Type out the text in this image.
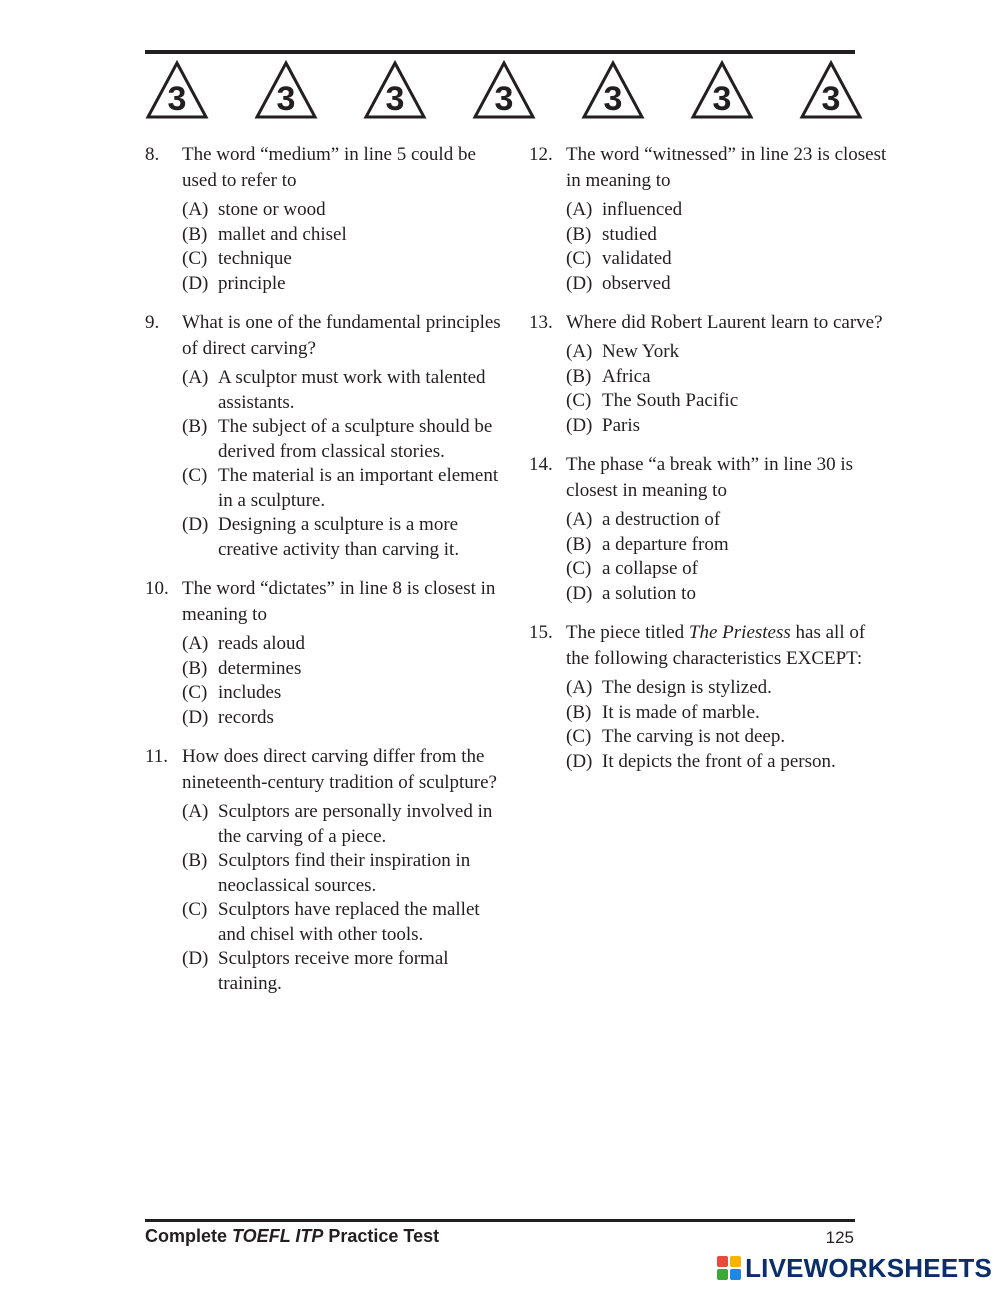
3	3	3	3	3	3	3
8. The word “medium” in line 5 could be used to refer to
(A) stone or wood
(B) mallet and chisel
(C) technique
(D) principle
9. What is one of the fundamental principles of direct carving?
(A) A sculptor must work with talented assistants.
(B) The subject of a sculpture should be derived from classical stories.
(C) The material is an important element in a sculpture.
(D) Designing a sculpture is a more creative activity than carving it.
10. The word “dictates” in line 8 is closest in meaning to
(A) reads aloud
(B) determines
(C) includes
(D) records
11. How does direct carving differ from the nineteenth-century tradition of sculpture?
(A) Sculptors are personally involved in the carving of a piece.
(B) Sculptors find their inspiration in neoclassical sources.
(C) Sculptors have replaced the mallet and chisel with other tools.
(D) Sculptors receive more formal training.
12. The word “witnessed” in line 23 is closest in meaning to
(A) influenced
(B) studied
(C) validated
(D) observed
13. Where did Robert Laurent learn to carve?
(A) New York
(B) Africa
(C) The South Pacific
(D) Paris
14. The phase “a break with” in line 30 is closest in meaning to
(A) a destruction of
(B) a departure from
(C) a collapse of
(D) a solution to
15. The piece titled The Priestess has all of the following characteristics EXCEPT:
(A) The design is stylized.
(B) It is made of marble.
(C) The carving is not deep.
(D) It depicts the front of a person.
Complete TOEFL ITP Practice Test	125
LIVEWORKSHEETS
